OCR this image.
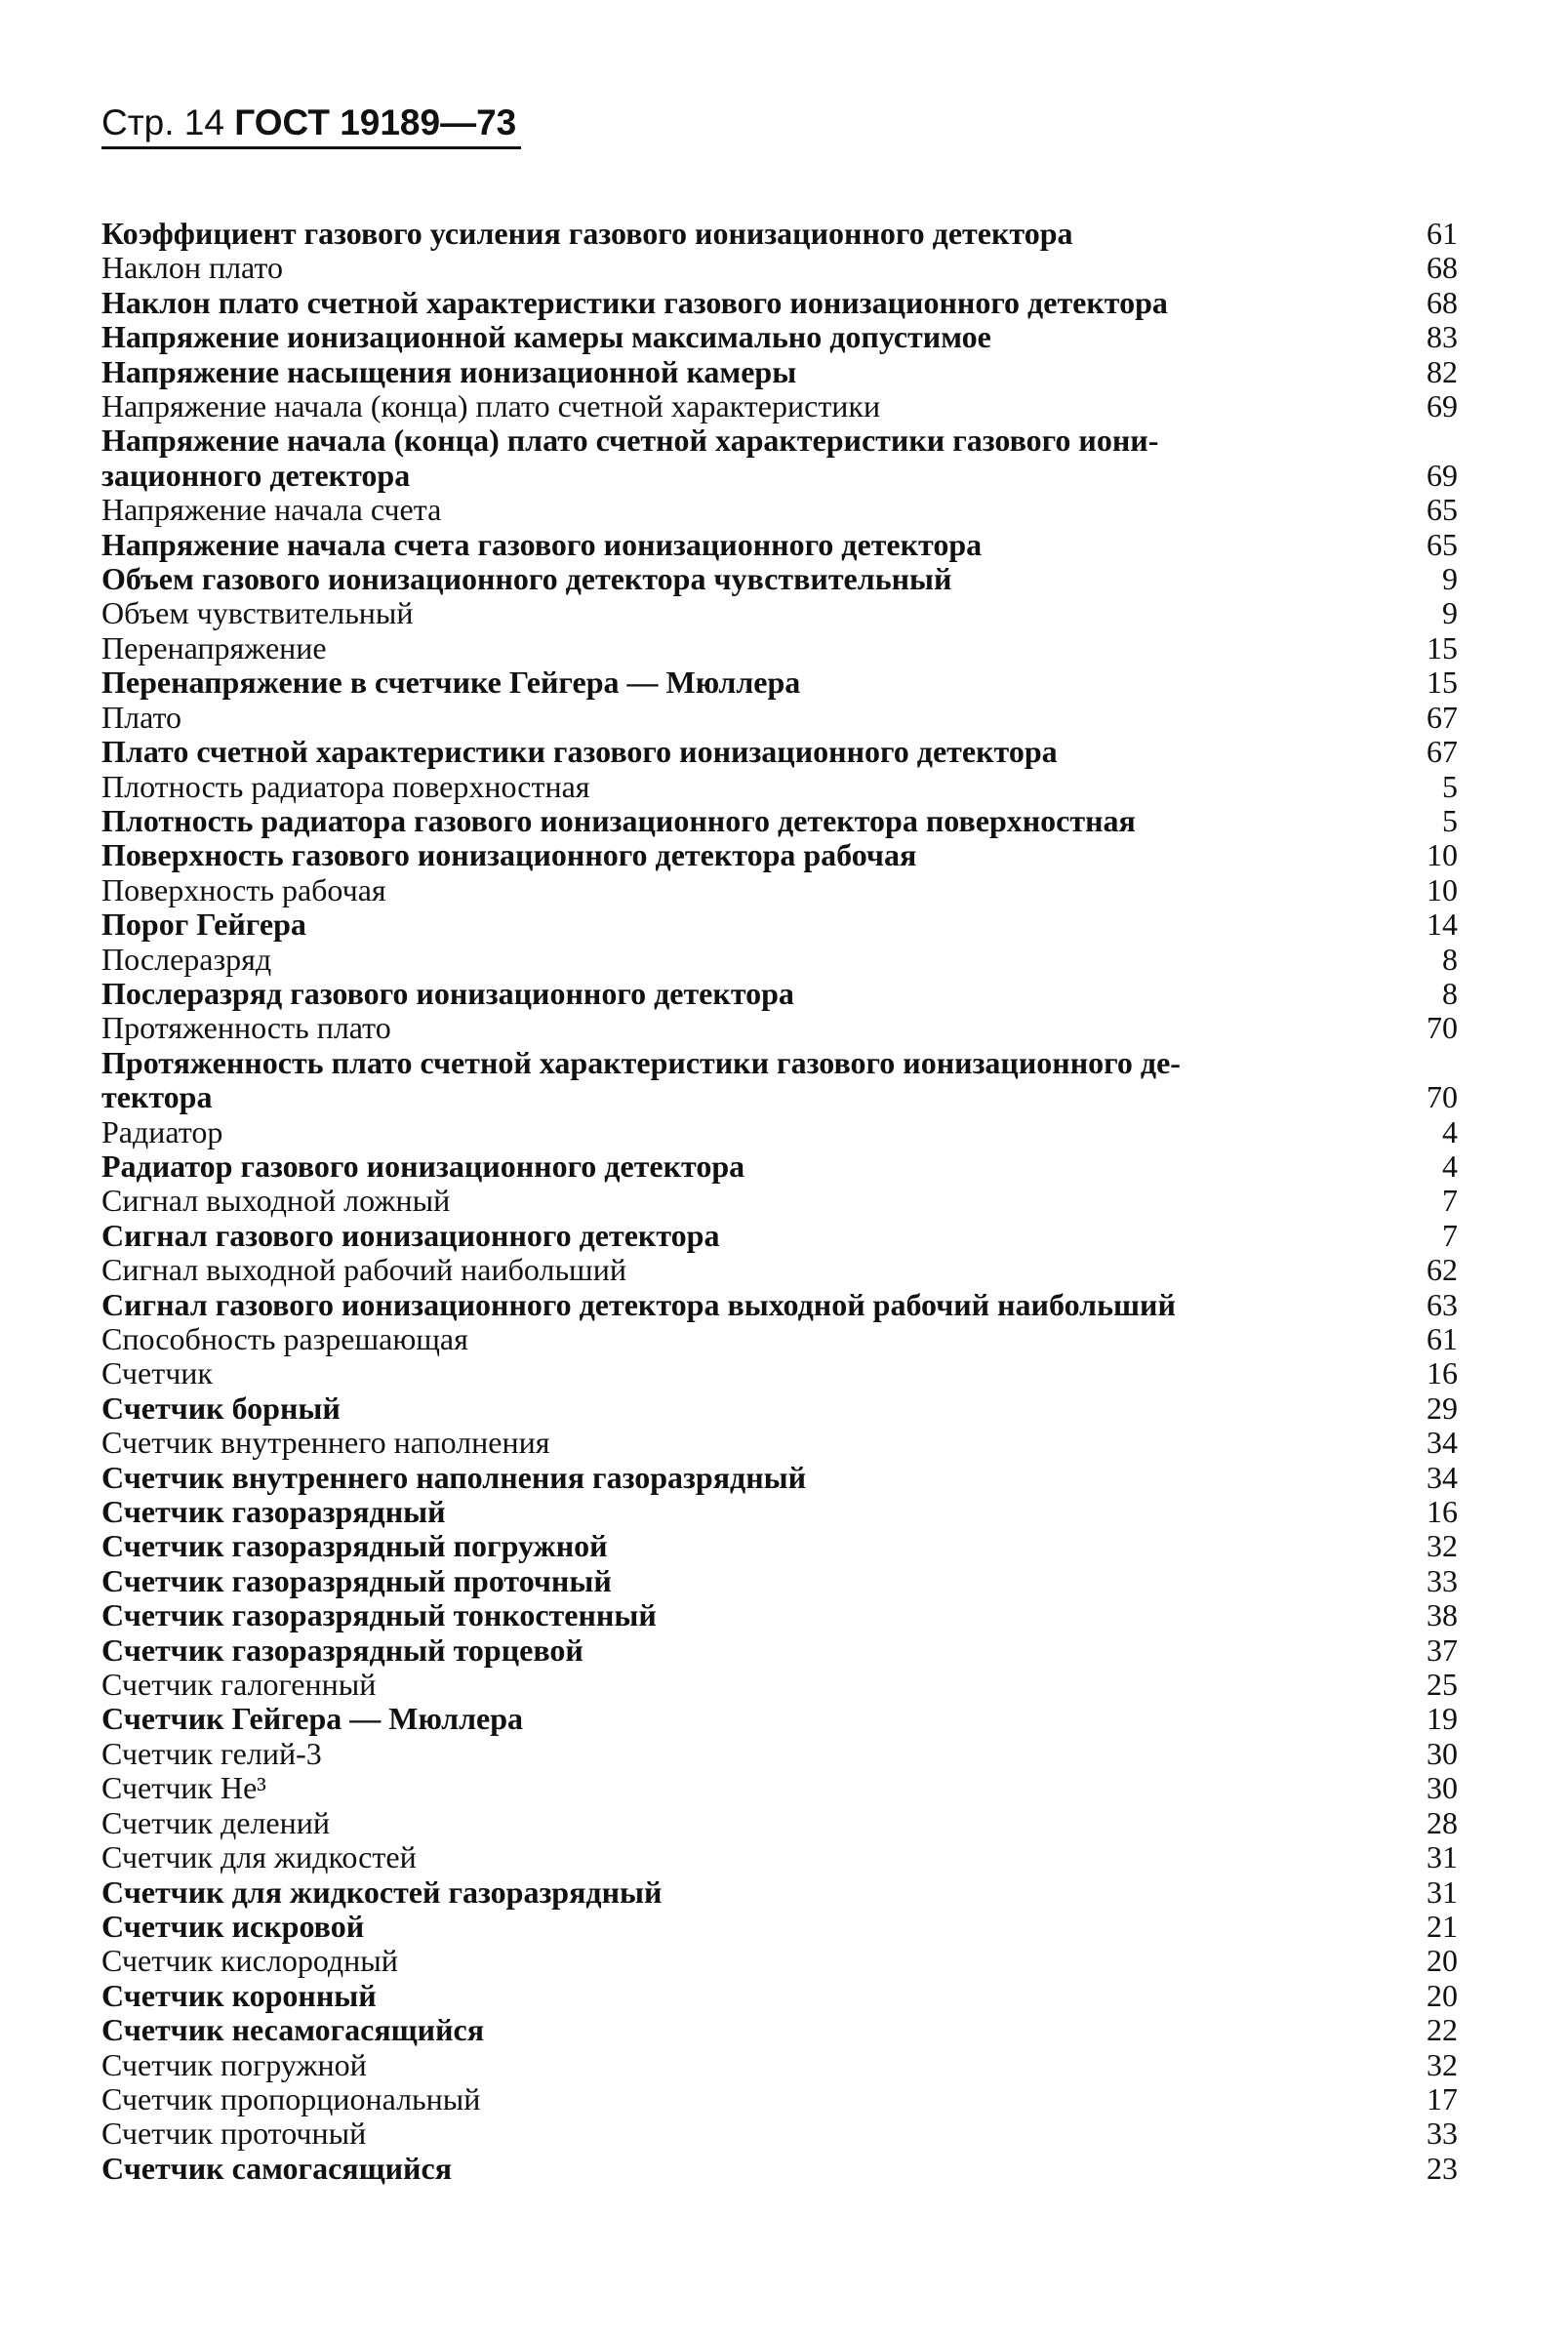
Стр. 14 ГОСТ 19189—73
Коэффициент газового усиления газового ионизационного детектора	61
Наклон плато	68
Наклон плато счетной характеристики газового ионизационного детектора	68
Напряжение ионизационной камеры максимально допустимое	83
Напряжение насыщения ионизационной камеры	82
Напряжение начала (конца) плато счетной характеристики	69
Напряжение начала (конца) плато счетной характеристики газового иони-
зационного детектора	69
Напряжение начала счета	65
Напряжение начала счета газового ионизационного детектора	65
Объем газового ионизационного детектора чувствительный	9
Объем чувствительный	9
Перенапряжение	15
Перенапряжение в счетчике Гейгера — Мюллера	15
Плато	67
Плато счетной характеристики газового ионизационного детектора	67
Плотность радиатора поверхностная	5
Плотность радиатора газового ионизационного детектора поверхностная	5
Поверхность газового ионизационного детектора рабочая	10
Поверхность рабочая	10
Порог Гейгера	14
Послеразряд	8
Послеразряд газового ионизационного детектора	8
Протяженность плато	70
Протяженность плато счетной характеристики газового ионизационного де-
тектора	70
Радиатор	4
Радиатор газового ионизационного детектора	4
Сигнал выходной ложный	7
Сигнал газового ионизационного детектора	7
Сигнал выходной рабочий наибольший	62
Сигнал газового ионизационного детектора выходной рабочий наибольший	63
Способность разрешающая	61
Счетчик	16
Счетчик борный	29
Счетчик внутреннего наполнения	34
Счетчик внутреннего наполнения газоразрядный	34
Счетчик газоразрядный	16
Счетчик газоразрядный погружной	32
Счетчик газоразрядный проточный	33
Счетчик газоразрядный тонкостенный	38
Счетчик газоразрядный торцевой	37
Счетчик галогенный	25
Счетчик Гейгера — Мюллера	19
Счетчик гелий-3	30
Счетчик He³	30
Счетчик делений	28
Счетчик для жидкостей	31
Счетчик для жидкостей газоразрядный	31
Счетчик искровой	21
Счетчик кислородный	20
Счетчик коронный	20
Счетчик несамогасящийся	22
Счетчик погружной	32
Счетчик пропорциональный	17
Счетчик проточный	33
Счетчик самогасящийся	23
